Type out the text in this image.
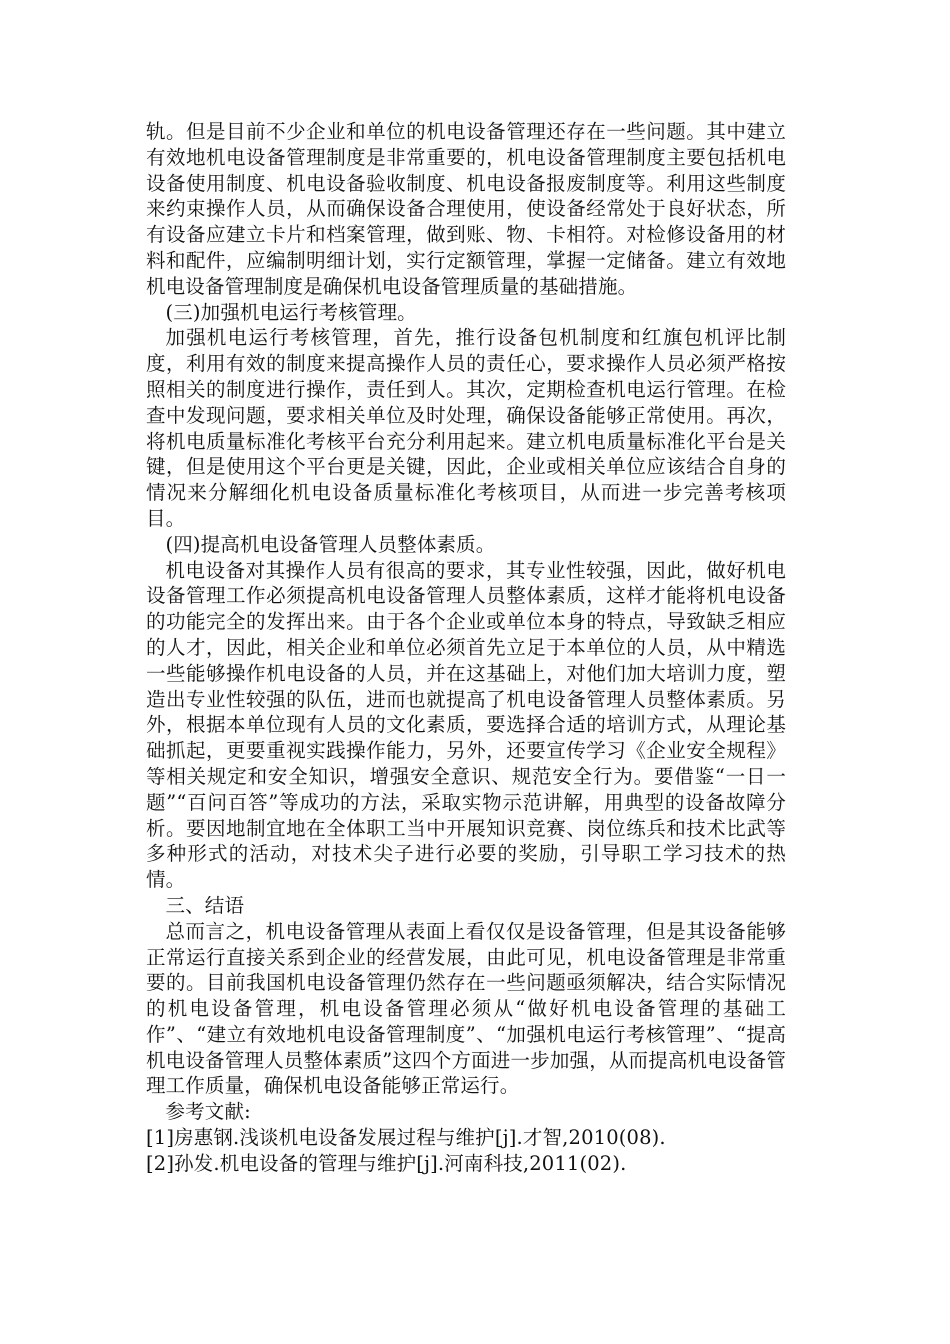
轨。但是目前不少企业和单位的机电设备管理还存在一些问题。其中建立有效地机电设备管理制度是非常重要的，机电设备管理制度主要包括机电设备使用制度、机电设备验收制度、机电设备报废制度等。利用这些制度来约束操作人员，从而确保设备合理使用，使设备经常处于良好状态，所有设备应建立卡片和档案管理，做到账、物、卡相符。对检修设备用的材料和配件，应编制明细计划，实行定额管理，掌握一定储备。建立有效地机电设备管理制度是确保机电设备管理质量的基础措施。

(三)加强机电运行考核管理。

加强机电运行考核管理，首先，推行设备包机制度和红旗包机评比制度，利用有效的制度来提高操作人员的责任心，要求操作人员必须严格按照相关的制度进行操作，责任到人。其次，定期检查机电运行管理。在检查中发现问题，要求相关单位及时处理，确保设备能够正常使用。再次，将机电质量标准化考核平台充分利用起来。建立机电质量标准化平台是关键，但是使用这个平台更是关键，因此，企业或相关单位应该结合自身的情况来分解细化机电设备质量标准化考核项目，从而进一步完善考核项目。

(四)提高机电设备管理人员整体素质。

机电设备对其操作人员有很高的要求，其专业性较强，因此，做好机电设备管理工作必须提高机电设备管理人员整体素质，这样才能将机电设备的功能完全的发挥出来。由于各个企业或单位本身的特点，导致缺乏相应的人才，因此，相关企业和单位必须首先立足于本单位的人员，从中精选一些能够操作机电设备的人员，并在这基础上，对他们加大培训力度，塑造出专业性较强的队伍，进而也就提高了机电设备管理人员整体素质。另外，根据本单位现有人员的文化素质，要选择合适的培训方式，从理论基础抓起，更要重视实践操作能力，另外，还要宣传学习《企业安全规程》等相关规定和安全知识，增强安全意识、规范安全行为。要借鉴“一日一题”“百问百答”等成功的方法，采取实物示范讲解，用典型的设备故障分析。要因地制宜地在全体职工当中开展知识竞赛、岗位练兵和技术比武等多种形式的活动，对技术尖子进行必要的奖励，引导职工学习技术的热情。

三、结语

总而言之，机电设备管理从表面上看仅仅是设备管理，但是其设备能够正常运行直接关系到企业的经营发展，由此可见，机电设备管理是非常重要的。目前我国机电设备管理仍然存在一些问题亟须解决，结合实际情况的机电设备管理，机电设备管理必须从“做好机电设备管理的基础工作”、“建立有效地机电设备管理制度”、“加强机电运行考核管理”、“提高机电设备管理人员整体素质”这四个方面进一步加强，从而提高机电设备管理工作质量，确保机电设备能够正常运行。

参考文献:

[1]房惠钢.浅谈机电设备发展过程与维护[j].才智,2010(08).

[2]孙发.机电设备的管理与维护[j].河南科技,2011(02).
